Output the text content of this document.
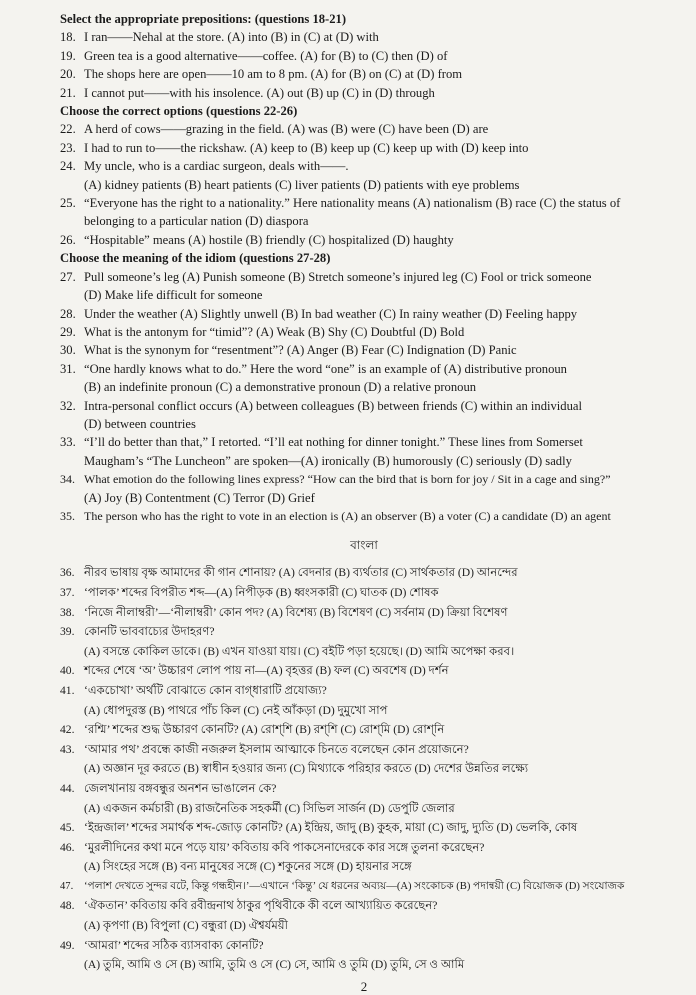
Select the appropriate prepositions: (questions 18-21)
18. I ran——Nehal at the store. (A) into (B) in (C) at (D) with
19. Green tea is a good alternative——coffee. (A) for (B) to (C) then (D) of
20. The shops here are open——10 am to 8 pm. (A) for (B) on (C) at (D) from
21. I cannot put——with his insolence. (A) out (B) up (C) in (D) through
Choose the correct options (questions 22-26)
22. A herd of cows——grazing in the field. (A) was (B) were (C) have been (D) are
23. I had to run to——the rickshaw. (A) keep to (B) keep up (C) keep up with (D) keep into
24. My uncle, who is a cardiac surgeon, deals with——.
(A) kidney patients (B) heart patients (C) liver patients (D) patients with eye problems
25. “Everyone has the right to a nationality.” Here nationality means (A) nationalism (B) race (C) the status of
belonging to a particular nation (D) diaspora
26. “Hospitable” means (A) hostile (B) friendly (C) hospitalized (D) haughty
Choose the meaning of the idiom (questions 27-28)
27. Pull someone’s leg (A) Punish someone (B) Stretch someone’s injured leg (C) Fool or trick someone
(D) Make life difficult for someone
28. Under the weather (A) Slightly unwell (B) In bad weather (C) In rainy weather (D) Feeling happy
29. What is the antonym for “timid”? (A) Weak (B) Shy (C) Doubtful (D) Bold
30. What is the synonym for “resentment”? (A) Anger (B) Fear (C) Indignation (D) Panic
31. “One hardly knows what to do.” Here the word “one” is an example of (A) distributive pronoun
(B) an indefinite pronoun (C) a demonstrative pronoun (D) a relative pronoun
32. Intra-personal conflict occurs (A) between colleagues (B) between friends (C) within an individual
(D) between countries
33. “I’ll do better than that,” I retorted. “I’ll eat nothing for dinner tonight.” These lines from Somerset
Maugham’s “The Luncheon” are spoken—(A) ironically (B) humorously (C) seriously (D) sadly
34. What emotion do the following lines express? “How can the bird that is born for joy / Sit in a cage and sing?”
(A) Joy (B) Contentment (C) Terror (D) Grief
35. The person who has the right to vote in an election is (A) an observer (B) a voter (C) a candidate (D) an agent
বাংলা
36. নীরব ভাষায় বৃক্ষ আমাদের কী গান শোনায়? (A) বেদনার (B) ব্যর্থতার (C) সার্থকতার (D) আনন্দের
37. ‘পালক’ শব্দের বিপরীত শব্দ—(A) নিপীড়ক (B) ধ্বংসকারী (C) ঘাতক (D) শোষক
38. ‘নিজে নীলাম্বরী’—‘নীলাম্বরী’ কোন পদ? (A) বিশেষ্য (B) বিশেষণ (C) সর্বনাম (D) ক্রিয়া বিশেষণ
39. কোনটি ভাববাচ্যের উদাহরণ?
(A) বসন্তে কোকিল ডাকে। (B) এখন যাওয়া যায়। (C) বইটি পড়া হয়েছে। (D) আমি অপেক্ষা করব।
40. শব্দের শেষে ‘অ’ উচ্চারণ লোপ পায় না—(A) বৃহত্তর (B) ফল (C) অবশেষ (D) দর্শন
41. ‘একচোখা’ অর্থটি বোঝাতে কোন বাগ্‌ধারাটি প্রযোজ্য?
(A) ধোপদুরস্ত (B) পাথরে পাঁচ কিল (C) নেই আঁকড়া (D) দুমুখো সাপ
42. ‘রশ্মি’ শব্দের শুদ্ধ উচ্চারণ কোনটি? (A) রোশ্‌শি (B) রশ্‌শি (C) রোশ্‌মি (D) রোশ্‌নি
43. ‘আমার পথ’ প্রবন্ধে কাজী নজরুল ইসলাম আত্মাকে চিনতে বলেছেন কোন প্রয়োজনে?
(A) অজ্ঞান দূর করতে (B) স্বাধীন হওয়ার জন্য (C) মিথ্যাকে পরিহার করতে (D) দেশের উন্নতির লক্ষ্যে
44. জেলখানায় বঙ্গবন্ধুর অনশন ভাঙালেন কে?
(A) একজন কর্মচারী (B) রাজনৈতিক সহকর্মী (C) সিভিল সার্জন (D) ডেপুটি জেলার
45. ‘ইন্দ্রজাল’ শব্দের সমার্থক শব্দ-জোড় কোনটি? (A) ইন্দ্রিয়, জাদু (B) কুহক, মায়া (C) জাদু, দ্যুতি (D) ভেলকি, কোষ
46. ‘মুরলীদিনের কথা মনে পড়ে যায়’ কবিতায় কবি পাকসেনাদেরকে কার সঙ্গে তুলনা করেছেন?
(A) সিংহের সঙ্গে (B) বন্য মানুষের সঙ্গে (C) শকুনের সঙ্গে (D) হায়নার সঙ্গে
47.	‘পলাশ দেখতে সুন্দর বটে, কিন্তু গন্ধহীন।’—এখানে ‘কিন্তু’ যে ধরনের অব্যয়—(A) সংকোচক (B) পদান্বয়ী (C) বিয়োজক (D) সংযোজক
48. ‘ঐকতান’ কবিতায় কবি রবীন্দ্রনাথ ঠাকুর পৃথিবীকে কী বলে আখ্যায়িত করেছেন?
(A) কৃপণা (B) বিপুলা (C) বন্ধুরা (D) ঐশ্বর্যময়ী
49. ‘আমরা’ শব্দের সঠিক ব্যাসবাক্য কোনটি?
(A) তুমি, আমি ও সে (B) আমি, তুমি ও সে (C) সে, আমি ও তুমি (D) তুমি, সে ও আমি
2
